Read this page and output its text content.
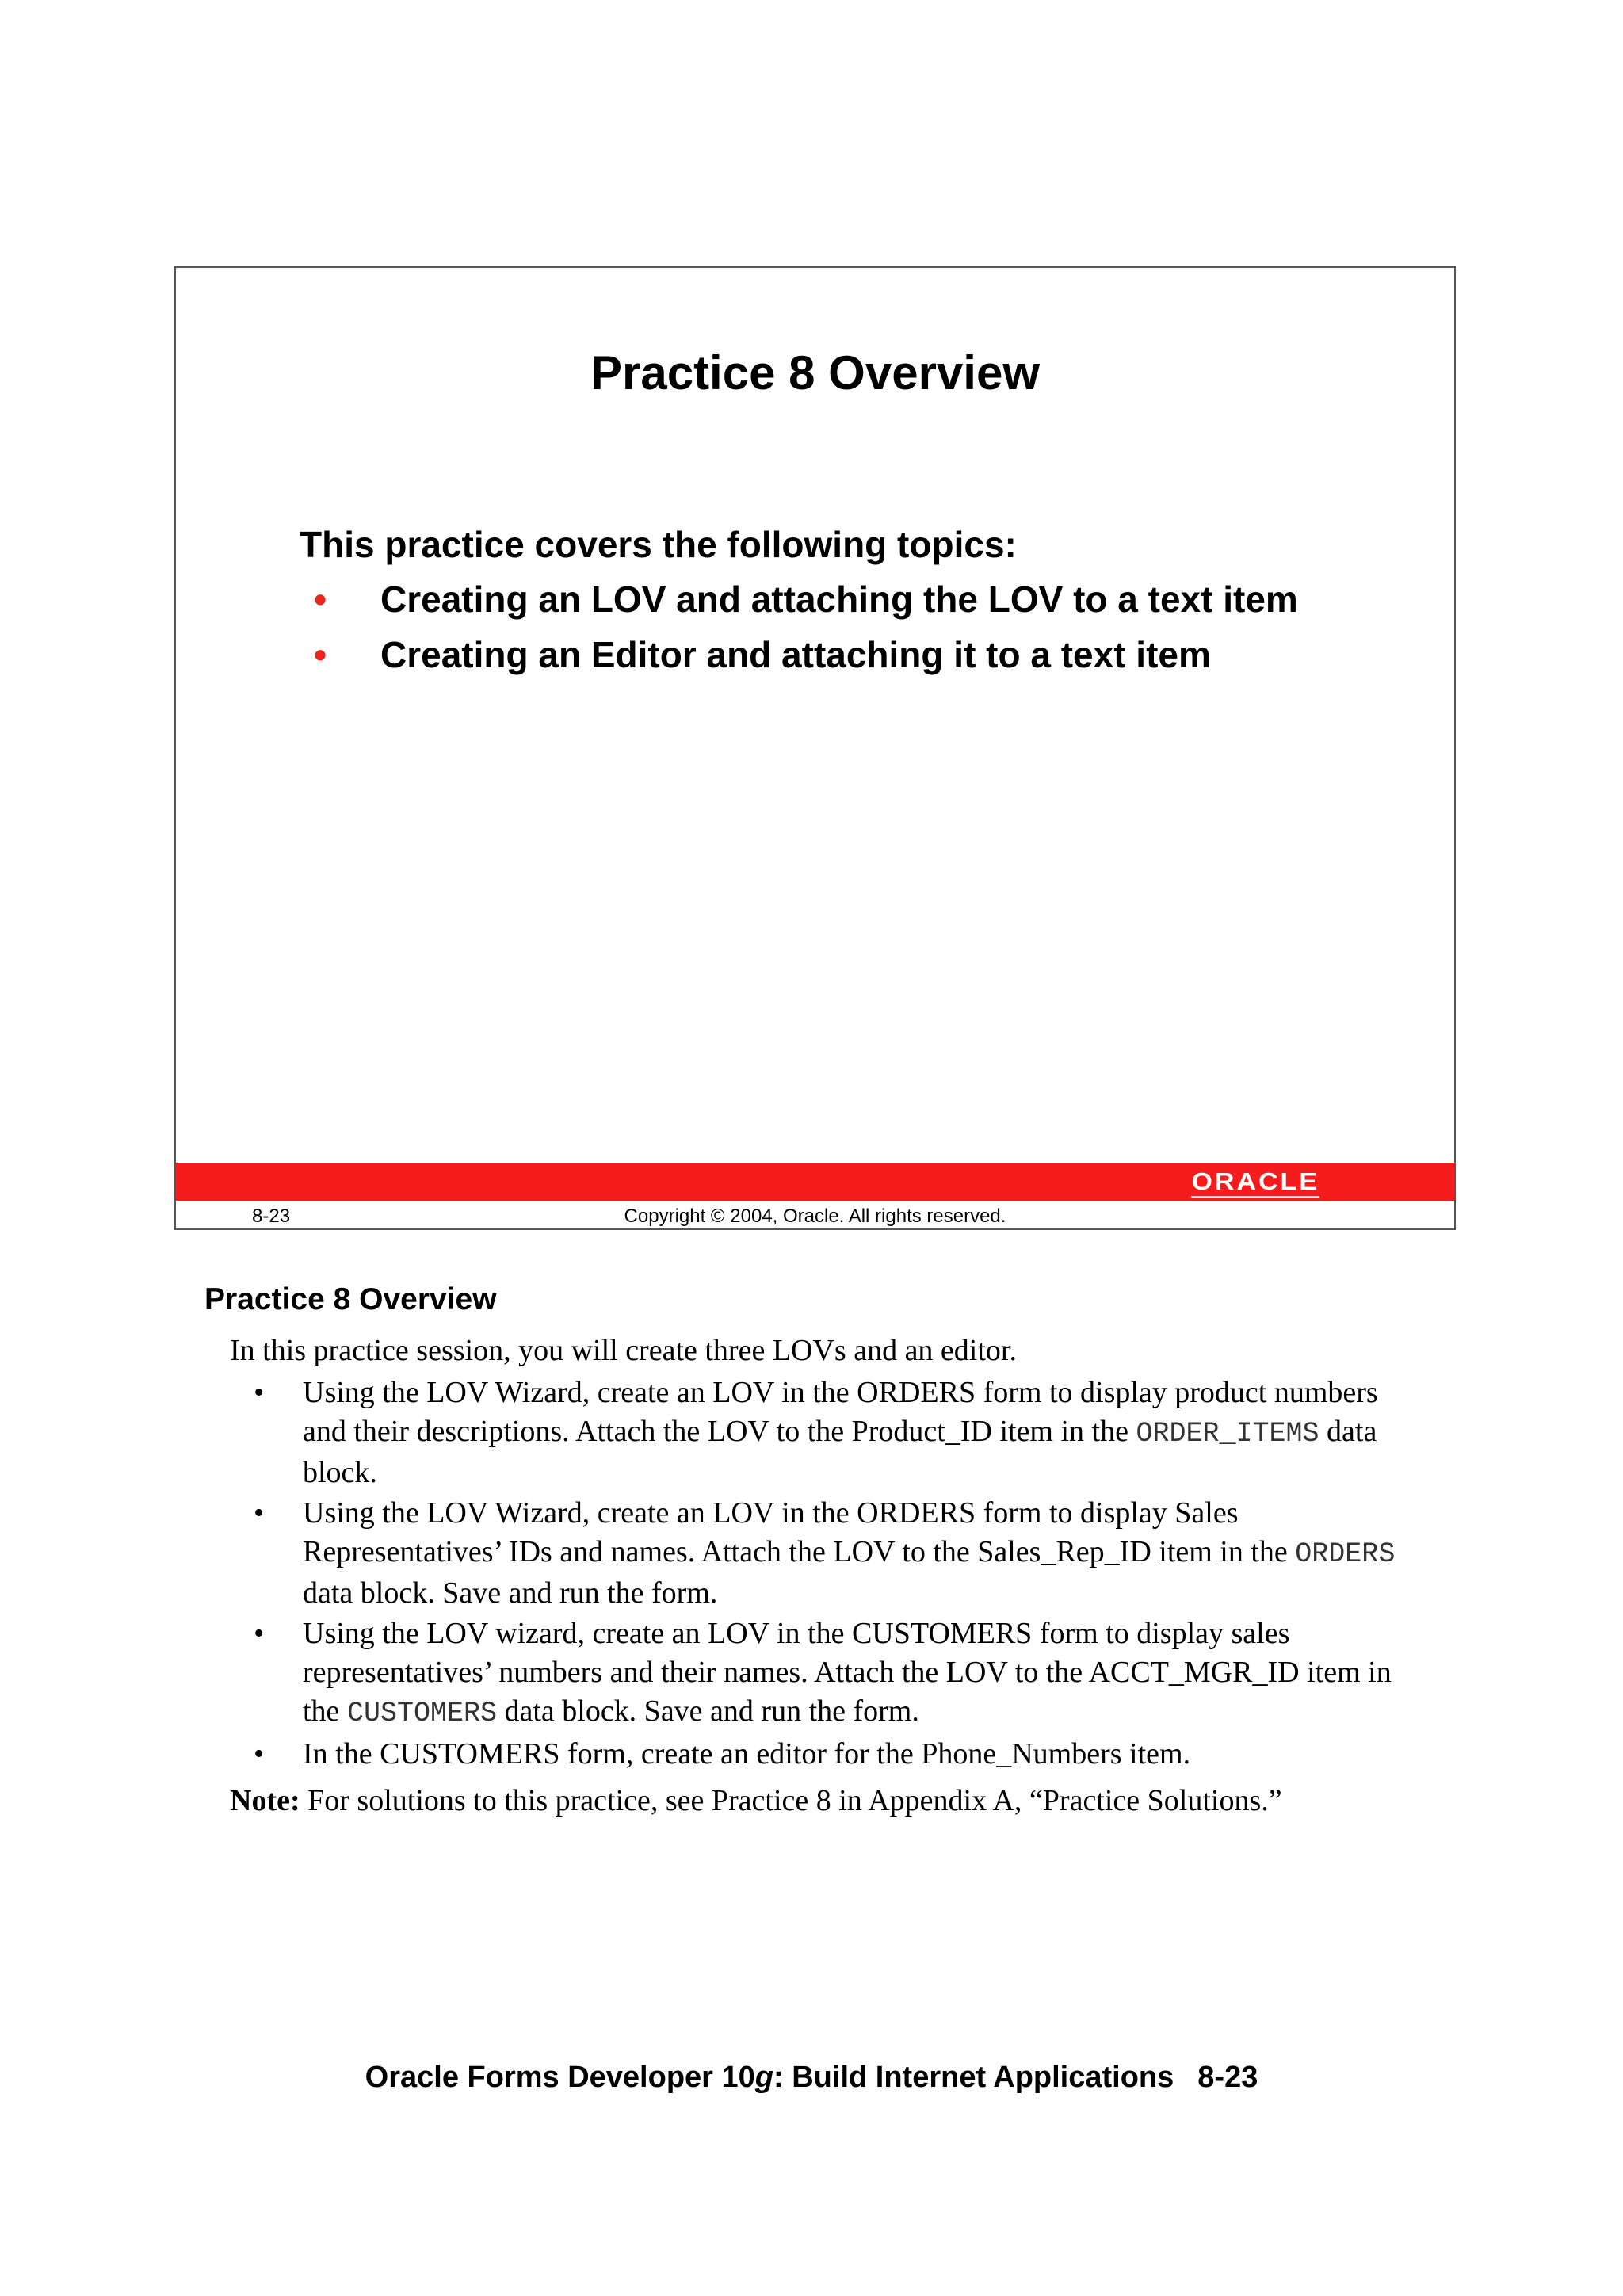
Practice 8 Overview

This practice covers the following topics:

• Creating an LOV and attaching the LOV to a text item
• Creating an Editor and attaching it to a text item
ORACLE
8-23	Copyright © 2004, Oracle. All rights reserved.
Practice 8 Overview

In this practice session, you will create three LOVs and an editor.

• Using the LOV Wizard, create an LOV in the ORDERS form to display product numbers and their descriptions. Attach the LOV to the Product_ID item in the ORDER_ITEMS data block.
• Using the LOV Wizard, create an LOV in the ORDERS form to display Sales Representatives’ IDs and names. Attach the LOV to the Sales_Rep_ID item in the ORDERS data block. Save and run the form.
• Using the LOV wizard, create an LOV in the CUSTOMERS form to display sales representatives’ numbers and their names. Attach the LOV to the ACCT_MGR_ID item in the CUSTOMERS data block. Save and run the form.
• In the CUSTOMERS form, create an editor for the Phone_Numbers item.

Note: For solutions to this practice, see Practice 8 in Appendix A, “Practice Solutions.”

Oracle Forms Developer 10g: Build Internet Applications 8-23
